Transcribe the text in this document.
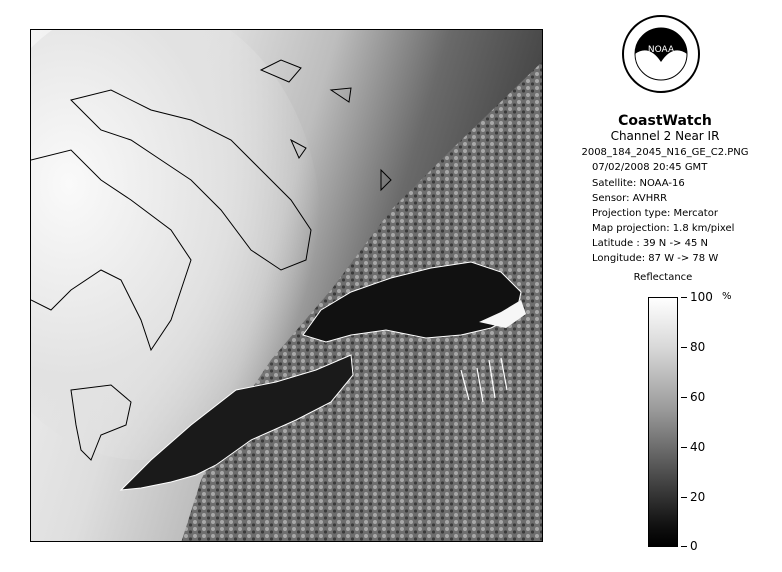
NOAA
CoastWatch
Channel 2 Near IR
2008_184_2045_N16_GE_C2.PNG
07/02/2008 20:45 GMT
Satellite: NOAA-16
Sensor: AVHRR
Projection type: Mercator
Map projection: 1.8 km/pixel
Latitude : 39 N -> 45 N
Longitude: 87 W -> 78 W
Reflectance
%
100
80
60
40
20
0
